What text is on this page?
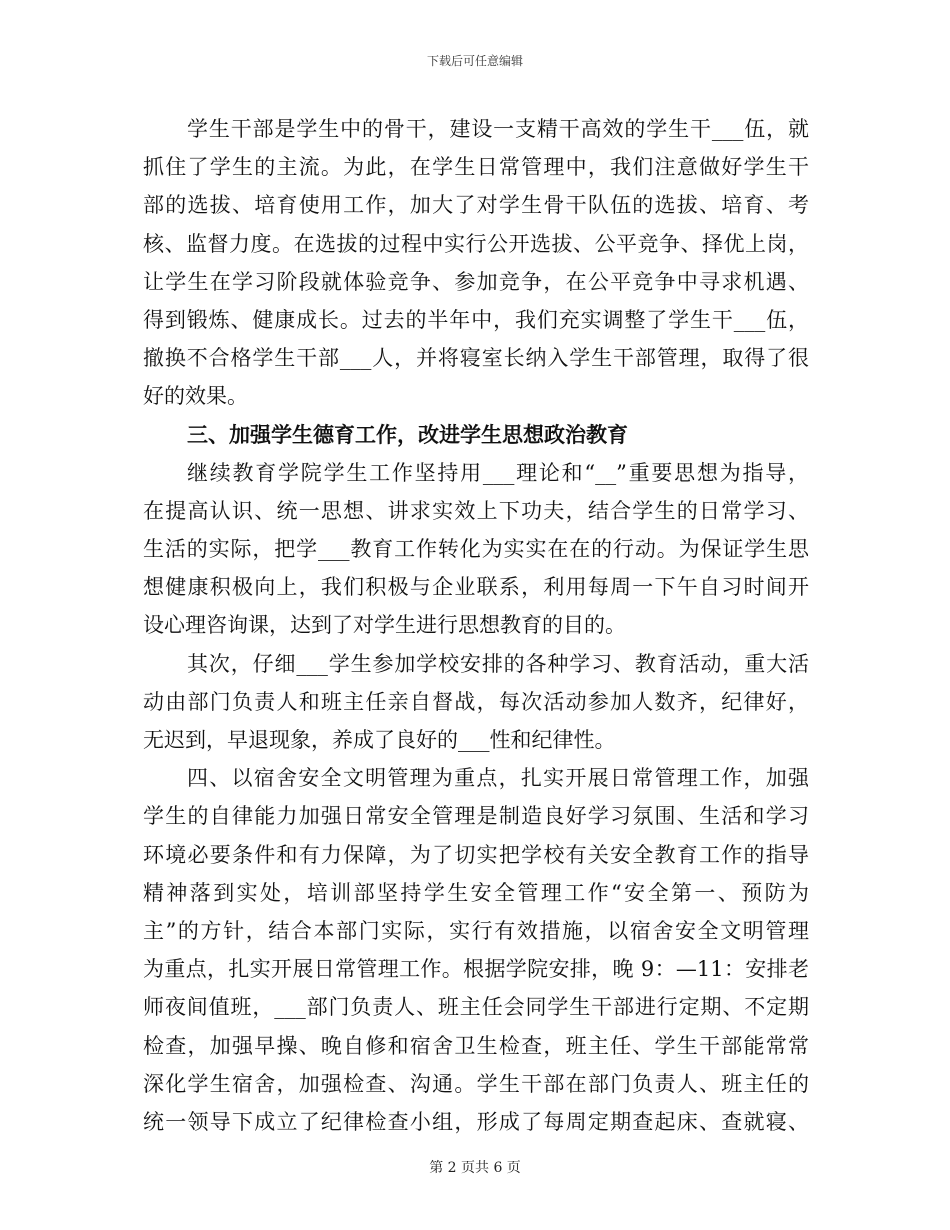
下载后可任意编辑
学生干部是学生中的骨干，建设一支精干高效的学生干___伍，就
抓住了学生的主流。为此，在学生日常管理中，我们注意做好学生干
部的选拔、培育使用工作，加大了对学生骨干队伍的选拔、培育、考
核、监督力度。在选拔的过程中实行公开选拔、公平竞争、择优上岗，
让学生在学习阶段就体验竞争、参加竞争，在公平竞争中寻求机遇、
得到锻炼、健康成长。过去的半年中，我们充实调整了学生干___伍，
撤换不合格学生干部___人，并将寝室长纳入学生干部管理，取得了很
好的效果。
三、加强学生德育工作，改进学生思想政治教育
继续教育学院学生工作坚持用___理论和“__”重要思想为指导，
在提高认识、统一思想、讲求实效上下功夫，结合学生的日常学习、
生活的实际，把学___教育工作转化为实实在在的行动。为保证学生思
想健康积极向上，我们积极与企业联系，利用每周一下午自习时间开
设心理咨询课，达到了对学生进行思想教育的目的。
其次，仔细___学生参加学校安排的各种学习、教育活动，重大活
动由部门负责人和班主任亲自督战，每次活动参加人数齐，纪律好，
无迟到，早退现象，养成了良好的___性和纪律性。
四、以宿舍安全文明管理为重点，扎实开展日常管理工作，加强
学生的自律能力加强日常安全管理是制造良好学习氛围、生活和学习
环境必要条件和有力保障，为了切实把学校有关安全教育工作的指导
精神落到实处，培训部坚持学生安全管理工作“安全第一、预防为
主”的方针，结合本部门实际，实行有效措施，以宿舍安全文明管理
为重点，扎实开展日常管理工作。根据学院安排，晚 9：—11：安排老
师夜间值班，___部门负责人、班主任会同学生干部进行定期、不定期
检查，加强早操、晚自修和宿舍卫生检查，班主任、学生干部能常常
深化学生宿舍，加强检查、沟通。学生干部在部门负责人、班主任的
统一领导下成立了纪律检查小组，形成了每周定期查起床、查就寝、
第 2 页共 6 页
